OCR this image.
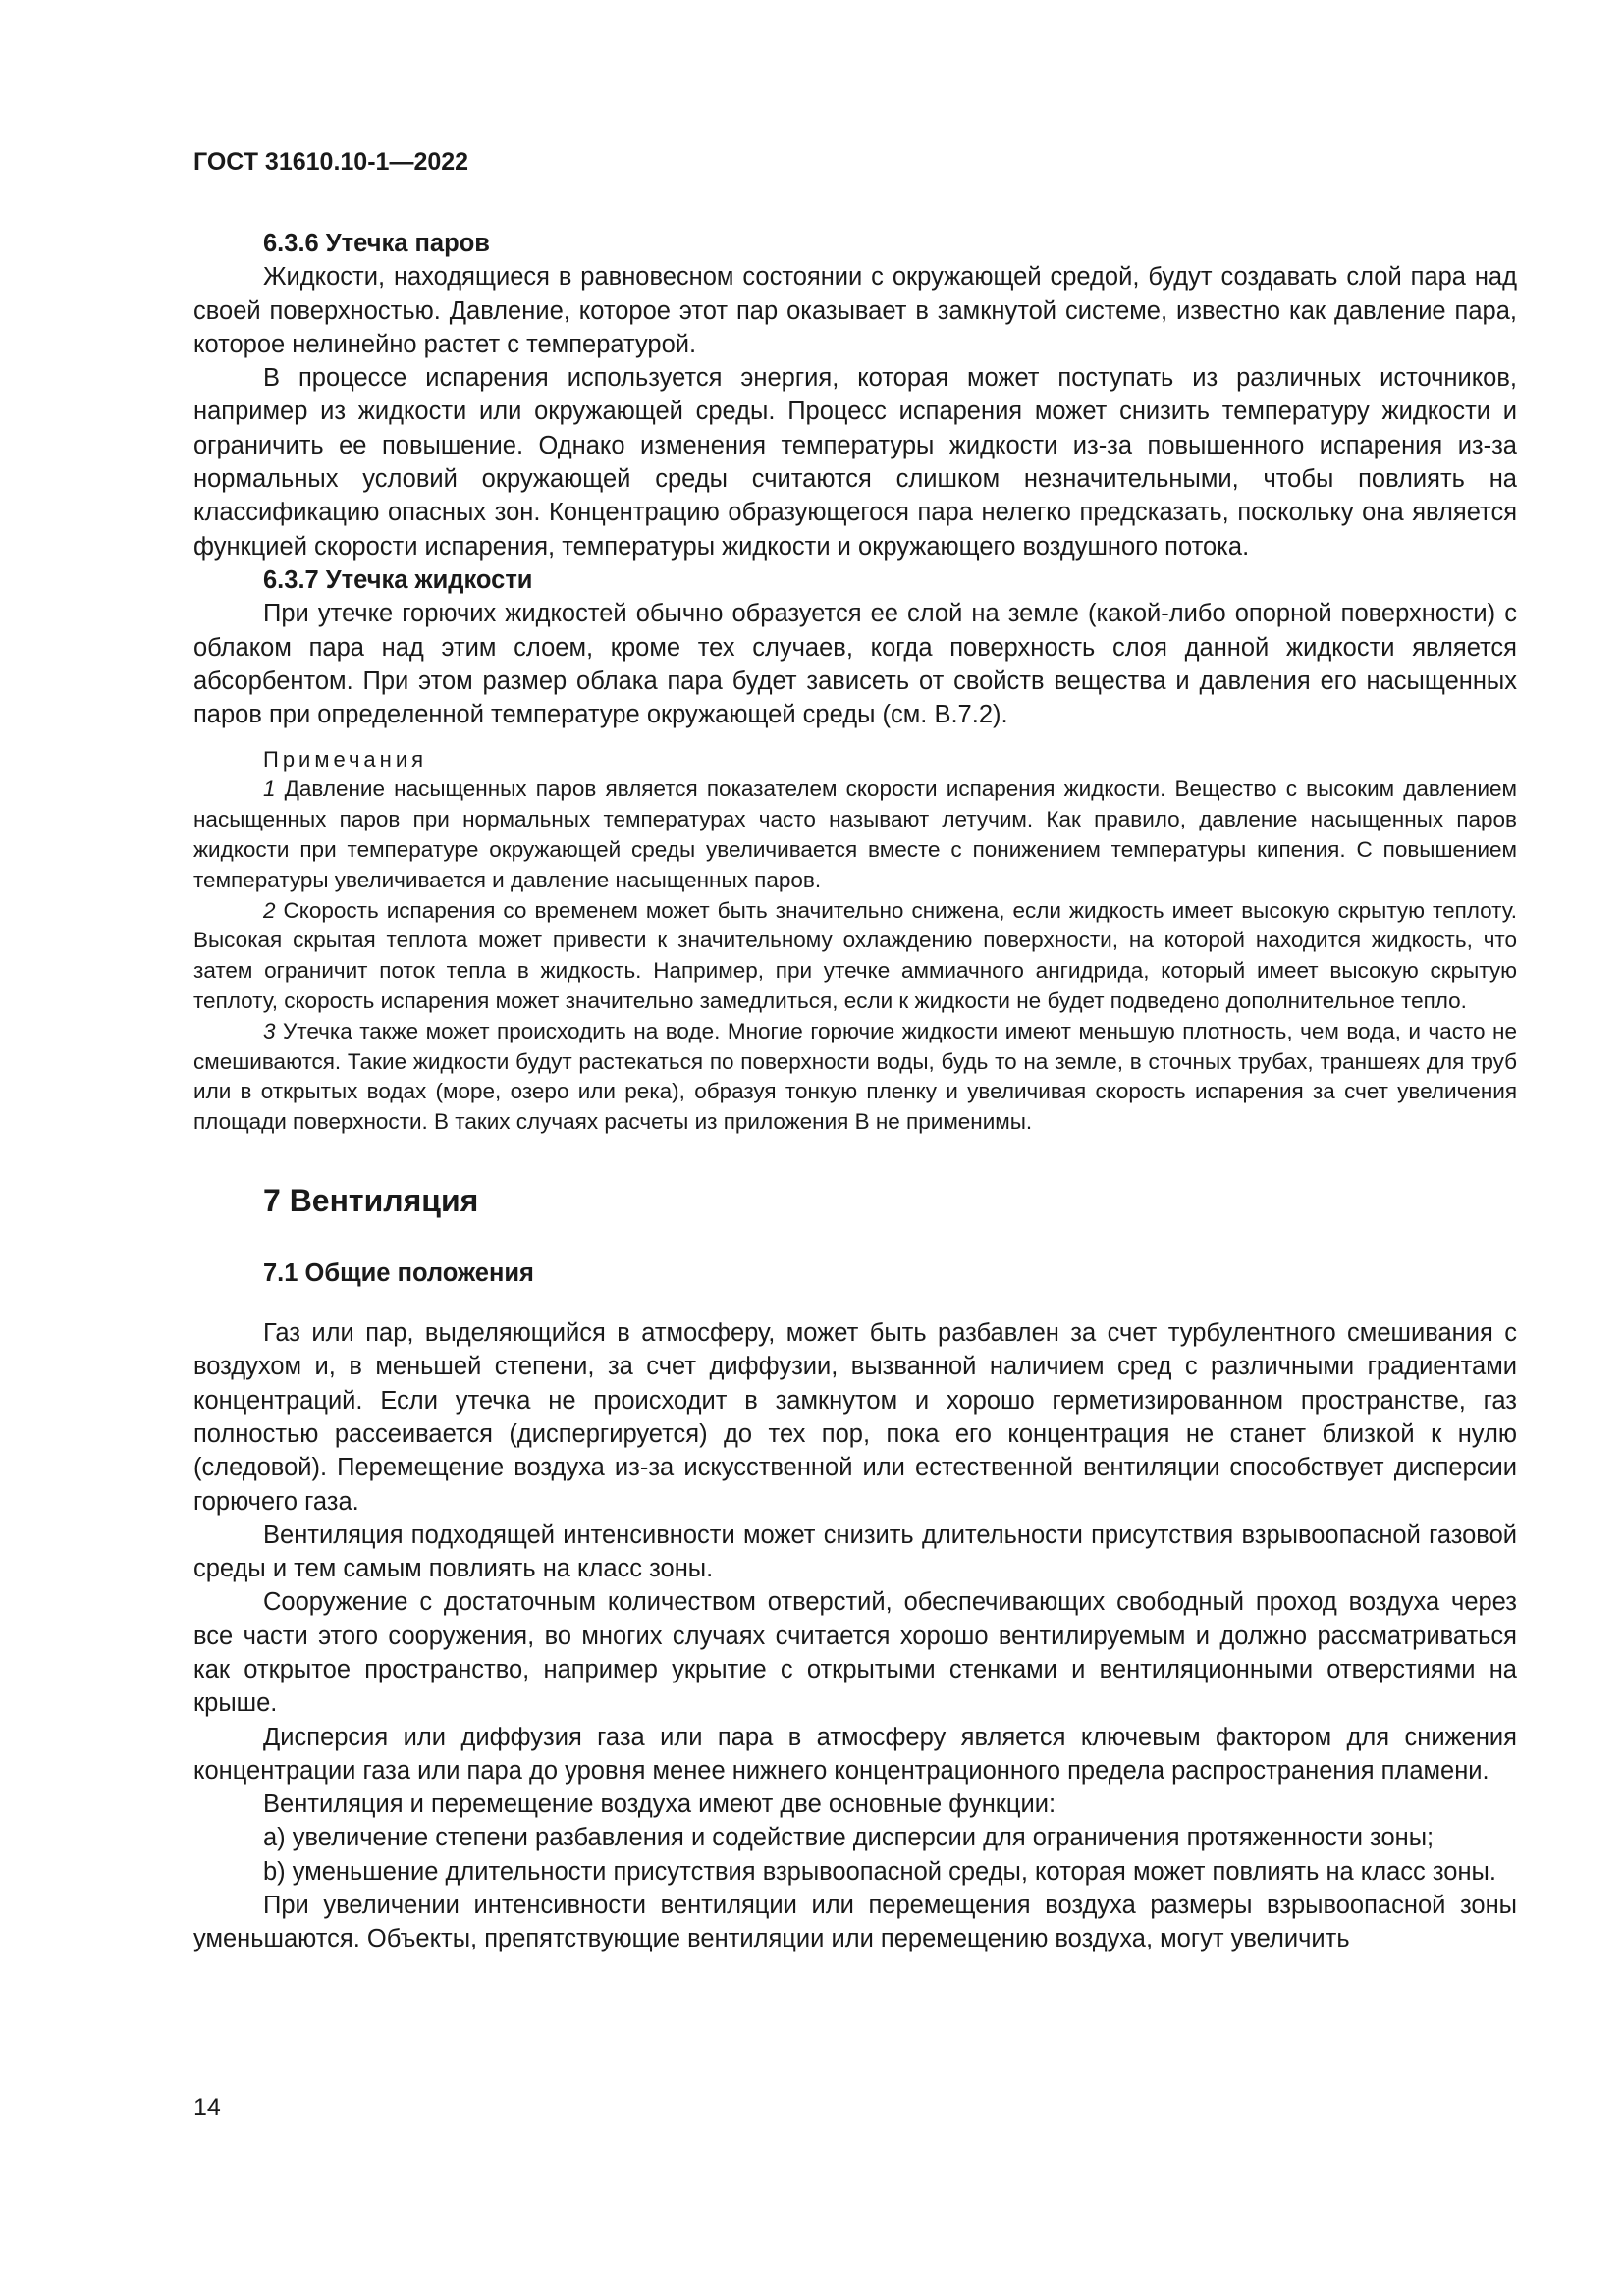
ГОСТ 31610.10-1—2022
6.3.6 Утечка паров

Жидкости, находящиеся в равновесном состоянии с окружающей средой, будут создавать слой пара над своей поверхностью. Давление, которое этот пар оказывает в замкнутой системе, известно как давление пара, которое нелинейно растет с температурой.

В процессе испарения используется энергия, которая может поступать из различных источников, например из жидкости или окружающей среды. Процесс испарения может снизить температуру жидкости и ограничить ее повышение. Однако изменения температуры жидкости из-за повышенного испарения из-за нормальных условий окружающей среды считаются слишком незначительными, чтобы повлиять на классификацию опасных зон. Концентрацию образующегося пара нелегко предсказать, поскольку она является функцией скорости испарения, температуры жидкости и окружающего воздушного потока.

6.3.7 Утечка жидкости

При утечке горючих жидкостей обычно образуется ее слой на земле (какой-либо опорной поверхности) с облаком пара над этим слоем, кроме тех случаев, когда поверхность слоя данной жидкости является абсорбентом. При этом размер облака пара будет зависеть от свойств вещества и давления его насыщенных паров при определенной температуре окружающей среды (см. В.7.2).

Примечания

1 Давление насыщенных паров является показателем скорости испарения жидкости. Вещество с высоким давлением насыщенных паров при нормальных температурах часто называют летучим. Как правило, давление насыщенных паров жидкости при температуре окружающей среды увеличивается вместе с понижением температуры кипения. С повышением температуры увеличивается и давление насыщенных паров.

2 Скорость испарения со временем может быть значительно снижена, если жидкость имеет высокую скрытую теплоту. Высокая скрытая теплота может привести к значительному охлаждению поверхности, на которой находится жидкость, что затем ограничит поток тепла в жидкость. Например, при утечке аммиачного ангидрида, который имеет высокую скрытую теплоту, скорость испарения может значительно замедлиться, если к жидкости не будет подведено дополнительное тепло.

3 Утечка также может происходить на воде. Многие горючие жидкости имеют меньшую плотность, чем вода, и часто не смешиваются. Такие жидкости будут растекаться по поверхности воды, будь то на земле, в сточных трубах, траншеях для труб или в открытых водах (море, озеро или река), образуя тонкую пленку и увеличивая скорость испарения за счет увеличения площади поверхности. В таких случаях расчеты из приложения В не применимы.

7 Вентиляция
7.1 Общие положения

Газ или пар, выделяющийся в атмосферу, может быть разбавлен за счет турбулентного смешивания с воздухом и, в меньшей степени, за счет диффузии, вызванной наличием сред с различными градиентами концентраций. Если утечка не происходит в замкнутом и хорошо герметизированном пространстве, газ полностью рассеивается (диспергируется) до тех пор, пока его концентрация не станет близкой к нулю (следовой). Перемещение воздуха из-за искусственной или естественной вентиляции способствует дисперсии горючего газа.

Вентиляция подходящей интенсивности может снизить длительности присутствия взрывоопасной газовой среды и тем самым повлиять на класс зоны.

Сооружение с достаточным количеством отверстий, обеспечивающих свободный проход воздуха через все части этого сооружения, во многих случаях считается хорошо вентилируемым и должно рассматриваться как открытое пространство, например укрытие с открытыми стенками и вентиляционными отверстиями на крыше.

Дисперсия или диффузия газа или пара в атмосферу является ключевым фактором для снижения концентрации газа или пара до уровня менее нижнего концентрационного предела распространения пламени.

Вентиляция и перемещение воздуха имеют две основные функции:

а) увеличение степени разбавления и содействие дисперсии для ограничения протяженности зоны;

b) уменьшение длительности присутствия взрывоопасной среды, которая может повлиять на класс зоны.

При увеличении интенсивности вентиляции или перемещения воздуха размеры взрывоопасной зоны уменьшаются. Объекты, препятствующие вентиляции или перемещению воздуха, могут увеличить

14
